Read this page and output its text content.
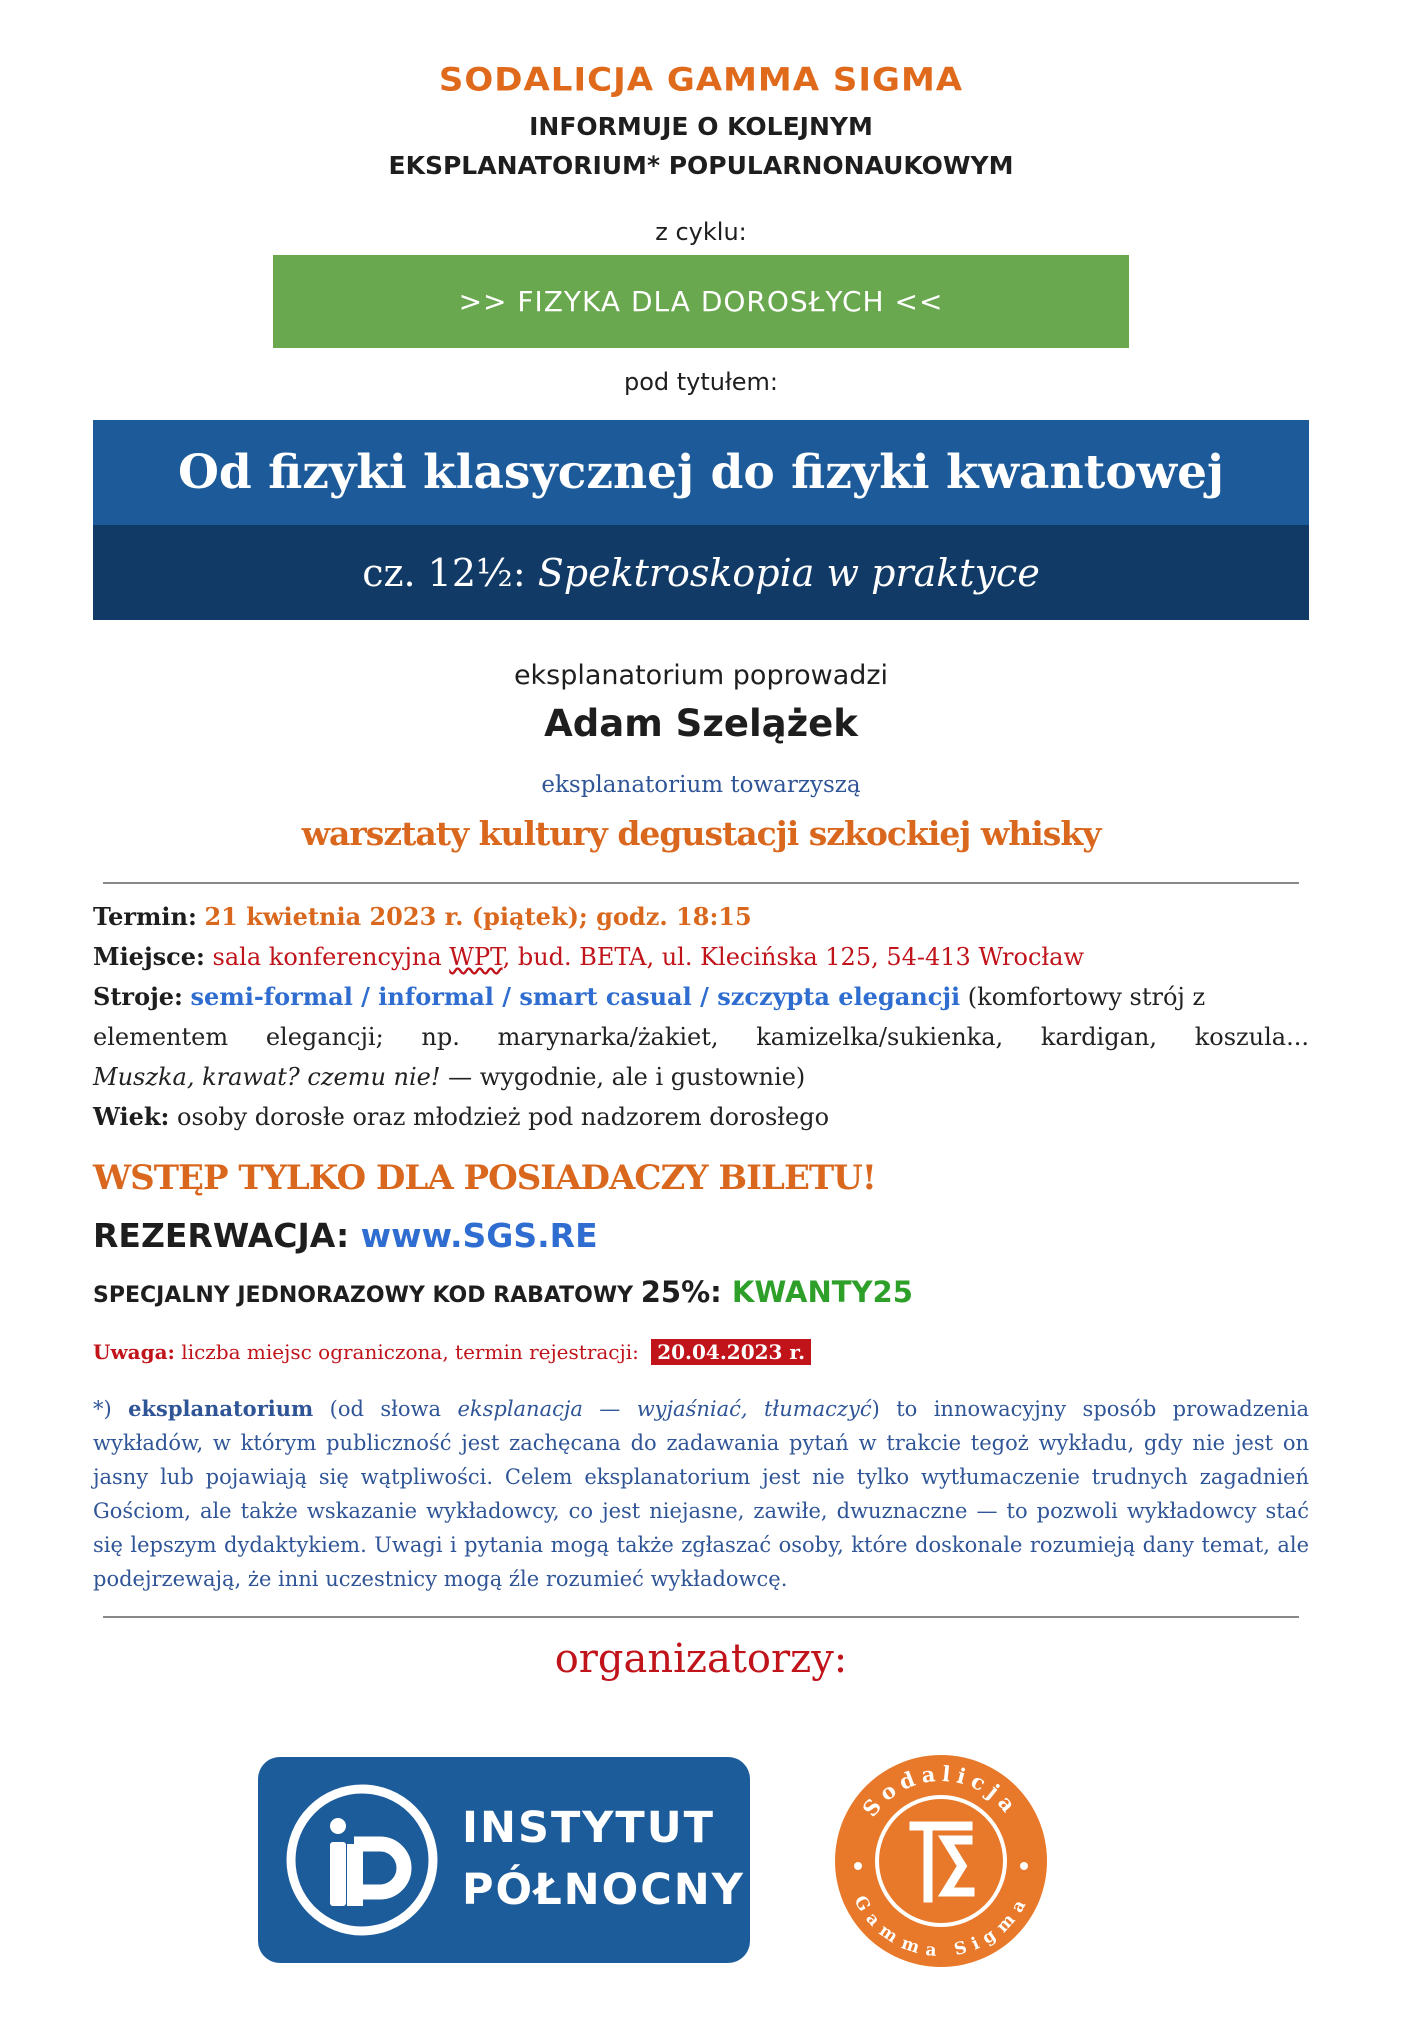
SODALICJA GAMMA SIGMA
INFORMUJE O KOLEJNYM
EKSPLANATORIUM* POPULARNONAUKOWYM
z cyklu:
>> FIZYKA DLA DOROSŁYCH <<
pod tytułem:
Od fizyki klasycznej do fizyki kwantowej
cz. 12½: Spektroskopia w praktyce
eksplanatorium poprowadzi
Adam Szelążek
eksplanatorium towarzyszą
warsztaty kultury degustacji szkockiej whisky

Termin: 21 kwietnia 2023 r. (piątek); godz. 18:15

Miejsce: sala konferencyjna WPT, bud. BETA, ul. Klecińska 125, 54-413 Wrocław

Stroje: semi-formal / informal / smart casual / szczypta elegancji (komfortowy strój z

elementem elegancji; np. marynarka/żakiet, kamizelka/sukienka, kardigan, koszula...

Muszka, krawat? czemu nie! — wygodnie, ale i gustownie)

Wiek: osoby dorosłe oraz młodzież pod nadzorem dorosłego

WSTĘP TYLKO DLA POSIADACZY BILETU!
REZERWACJA: www.SGS.RE
SPECJALNY JEDNORAZOWY KOD RABATOWY 25%: KWANTY25
Uwaga: liczba miejsc ograniczona, termin rejestracji: 20.04.2023 r.
*) eksplanatorium (od słowa eksplanacja — wyjaśniać, tłumaczyć) to innowacyjny sposób prowadzenia wykładów, w którym publiczność jest zachęcana do zadawania pytań w trakcie tegoż wykładu, gdy nie jest on jasny lub pojawiają się wątpliwości. Celem eksplanatorium jest nie tylko wytłumaczenie trudnych zagadnień Gościom, ale także wskazanie wykładowcy, co jest niejasne, zawiłe, dwuznaczne — to pozwoli wykładowcy stać się lepszym dydaktykiem. Uwagi i pytania mogą także zgłaszać osoby, które doskonale rozumieją dany temat, ale podejrzewają, że inni uczestnicy mogą źle rozumieć wykładowcę.
organizatorzy:
INSTYTUT
PÓŁNOCNY
Sodalicja
Gamma Sigma
